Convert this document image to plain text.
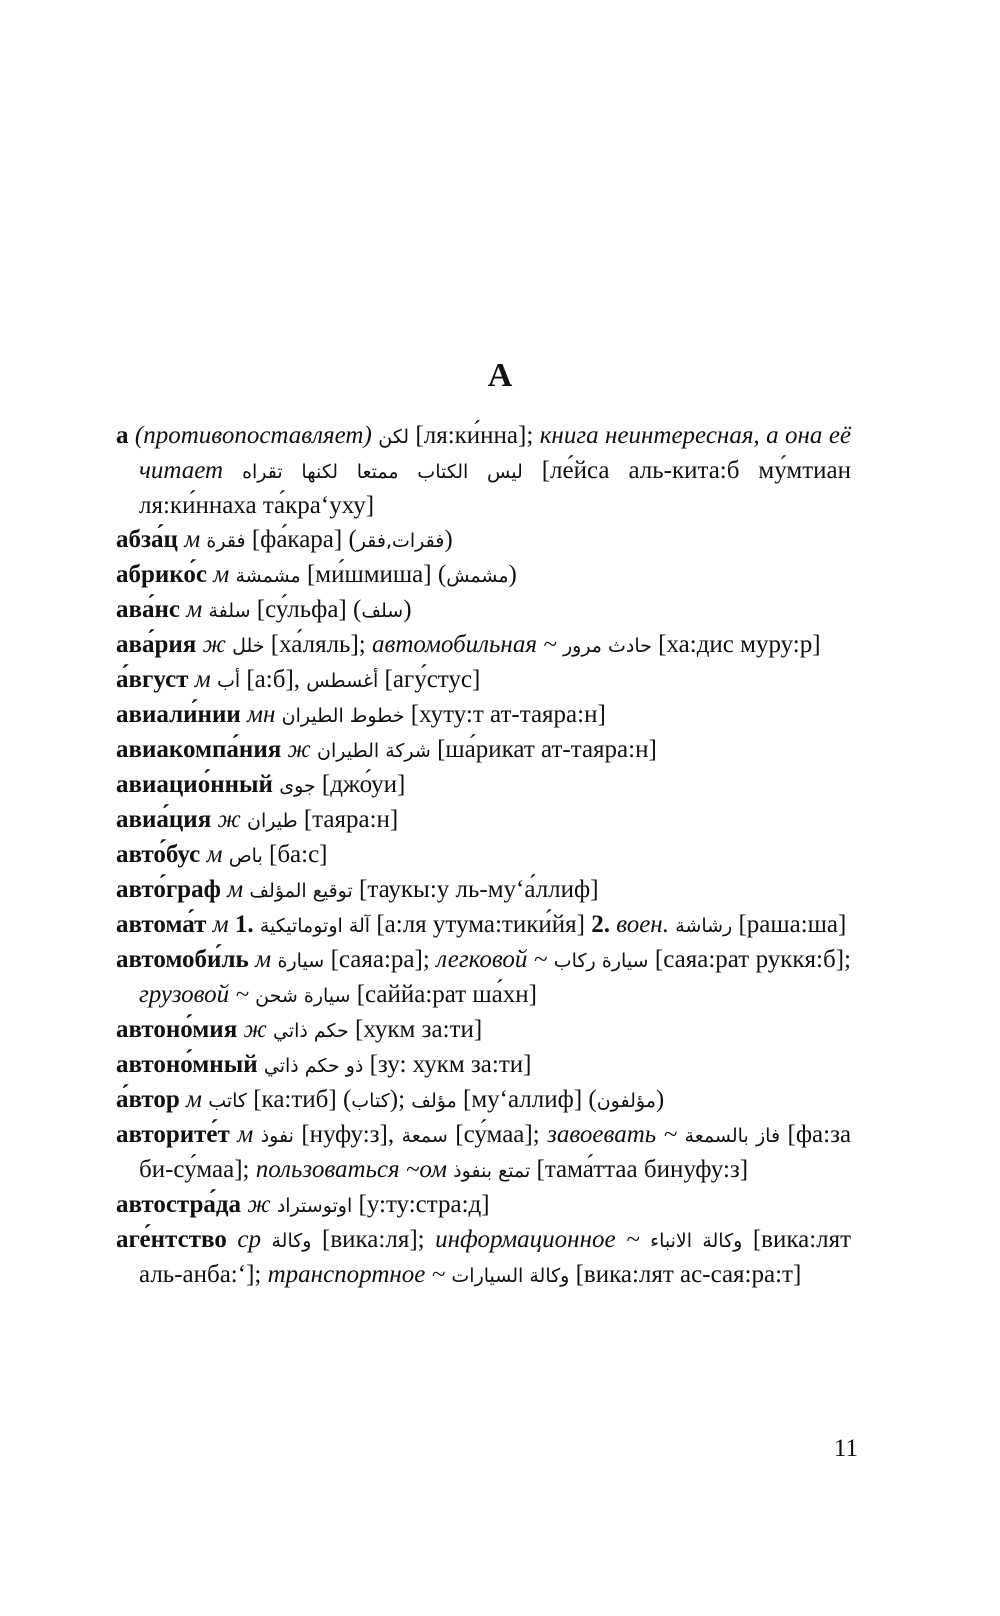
А

а (противопоставляет) لكن [ля:ки́нна]; книга неинтересная, а она её читает ليس الكتاب ممتعا لكنها تقراه [ле́йса аль-кита:б му́мтиан ля:ки́ннаха та́кра‘уху]

абза́ц м فقرة [фа́кара] (فقرات,فقر)

абрико́с м مشمشة [ми́шмиша] (مشمش)

ава́нс м سلفة [су́льфа] (سلف)

ава́рия ж خلل [ха́ляль]; автомобильная ~ حادث مرور [ха:дис муру:р]

а́вгуст м أب [а:б], أغسطس [агу́стус]

авиали́нии мн خطوط الطيران [хуту:т ат-таяра:н]

авиакомпа́ния ж شركة الطيران [ша́рикат ат-таяра:н]

авиацио́нный جوى [джо́уи]

авиа́ция ж طيران [таяра:н]

авто́бус м باص [ба:с]

авто́граф м توقيع المؤلف [таукы:у ль-му‘а́ллиф]

автома́т м 1. آلة اوتوماتيكية [а:ля утума:тики́йя] 2. воен. رشاشة [раша:ша]

автомоби́ль м سيارة [саяа:ра]; легковой ~ سيارة ركاب [саяа:рат руккя:б]; грузовой ~ سيارة شحن [саййа:рат ша́хн]

автоно́мия ж حكم ذاتي [хукм за:ти]

автоно́мный ذو حكم ذاتي [зу: хукм за:ти]

а́втор м كاتب [ка:тиб] (كتاب); مؤلف [му‘аллиф] (مؤلفون)

авторите́т м نفوذ [нуфу:з], سمعة [су́маа]; завоевать ~ فاز بالسمعة [фа:за би-су́маа]; пользоваться ~ом تمتع بنفوذ [тама́ттаа бинуфу:з]

автостра́да ж اوتوستراد [у:ту:стра:д]

аге́нтство ср وكالة [вика:ля]; информационное ~ وكالة الانباء [вика:лят аль-анба:‘]; транспортное ~ وكالة السيارات [вика:лят ас-сая:ра:т]

11
